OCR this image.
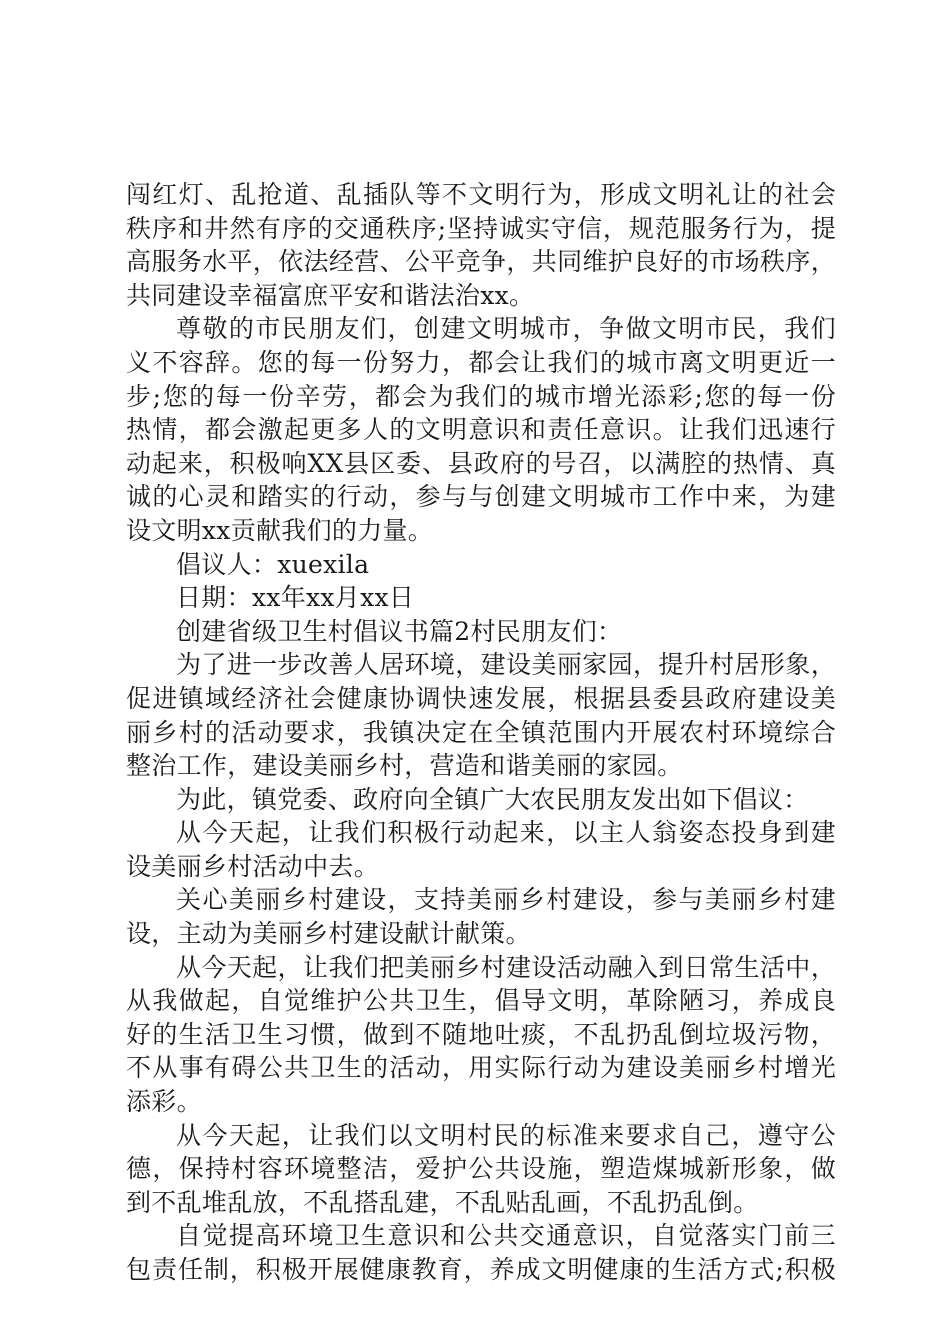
闯红灯、乱抢道、乱插队等不文明行为，形成文明礼让的社会
秩序和井然有序的交通秩序;坚持诚实守信，规范服务行为，提
高服务水平，依法经营、公平竞争，共同维护良好的市场秩序，
共同建设幸福富庶平安和谐法治xx。
尊敬的市民朋友们，创建文明城市，争做文明市民，我们
义不容辞。您的每一份努力，都会让我们的城市离文明更近一
步;您的每一份辛劳，都会为我们的城市增光添彩;您的每一份
热情，都会激起更多人的文明意识和责任意识。让我们迅速行
动起来，积极响XX县区委、县政府的号召，以满腔的热情、真
诚的心灵和踏实的行动，参与与创建文明城市工作中来，为建
设文明xx贡献我们的力量。
倡议人：xuexila
日期：xx年xx月xx日
创建省级卫生村倡议书篇2村民朋友们：
为了进一步改善人居环境，建设美丽家园，提升村居形象，
促进镇域经济社会健康协调快速发展，根据县委县政府建设美
丽乡村的活动要求，我镇决定在全镇范围内开展农村环境综合
整治工作，建设美丽乡村，营造和谐美丽的家园。
为此，镇党委、政府向全镇广大农民朋友发出如下倡议：
从今天起，让我们积极行动起来，以主人翁姿态投身到建
设美丽乡村活动中去。
关心美丽乡村建设，支持美丽乡村建设，参与美丽乡村建
设，主动为美丽乡村建设献计献策。
从今天起，让我们把美丽乡村建设活动融入到日常生活中，
从我做起，自觉维护公共卫生，倡导文明，革除陋习，养成良
好的生活卫生习惯，做到不随地吐痰，不乱扔乱倒垃圾污物，
不从事有碍公共卫生的活动，用实际行动为建设美丽乡村增光
添彩。
从今天起，让我们以文明村民的标准来要求自己，遵守公
德，保持村容环境整洁，爱护公共设施，塑造煤城新形象，做
到不乱堆乱放，不乱搭乱建，不乱贴乱画，不乱扔乱倒。
自觉提高环境卫生意识和公共交通意识，自觉落实门前三
包责任制，积极开展健康教育，养成文明健康的生活方式;积极
